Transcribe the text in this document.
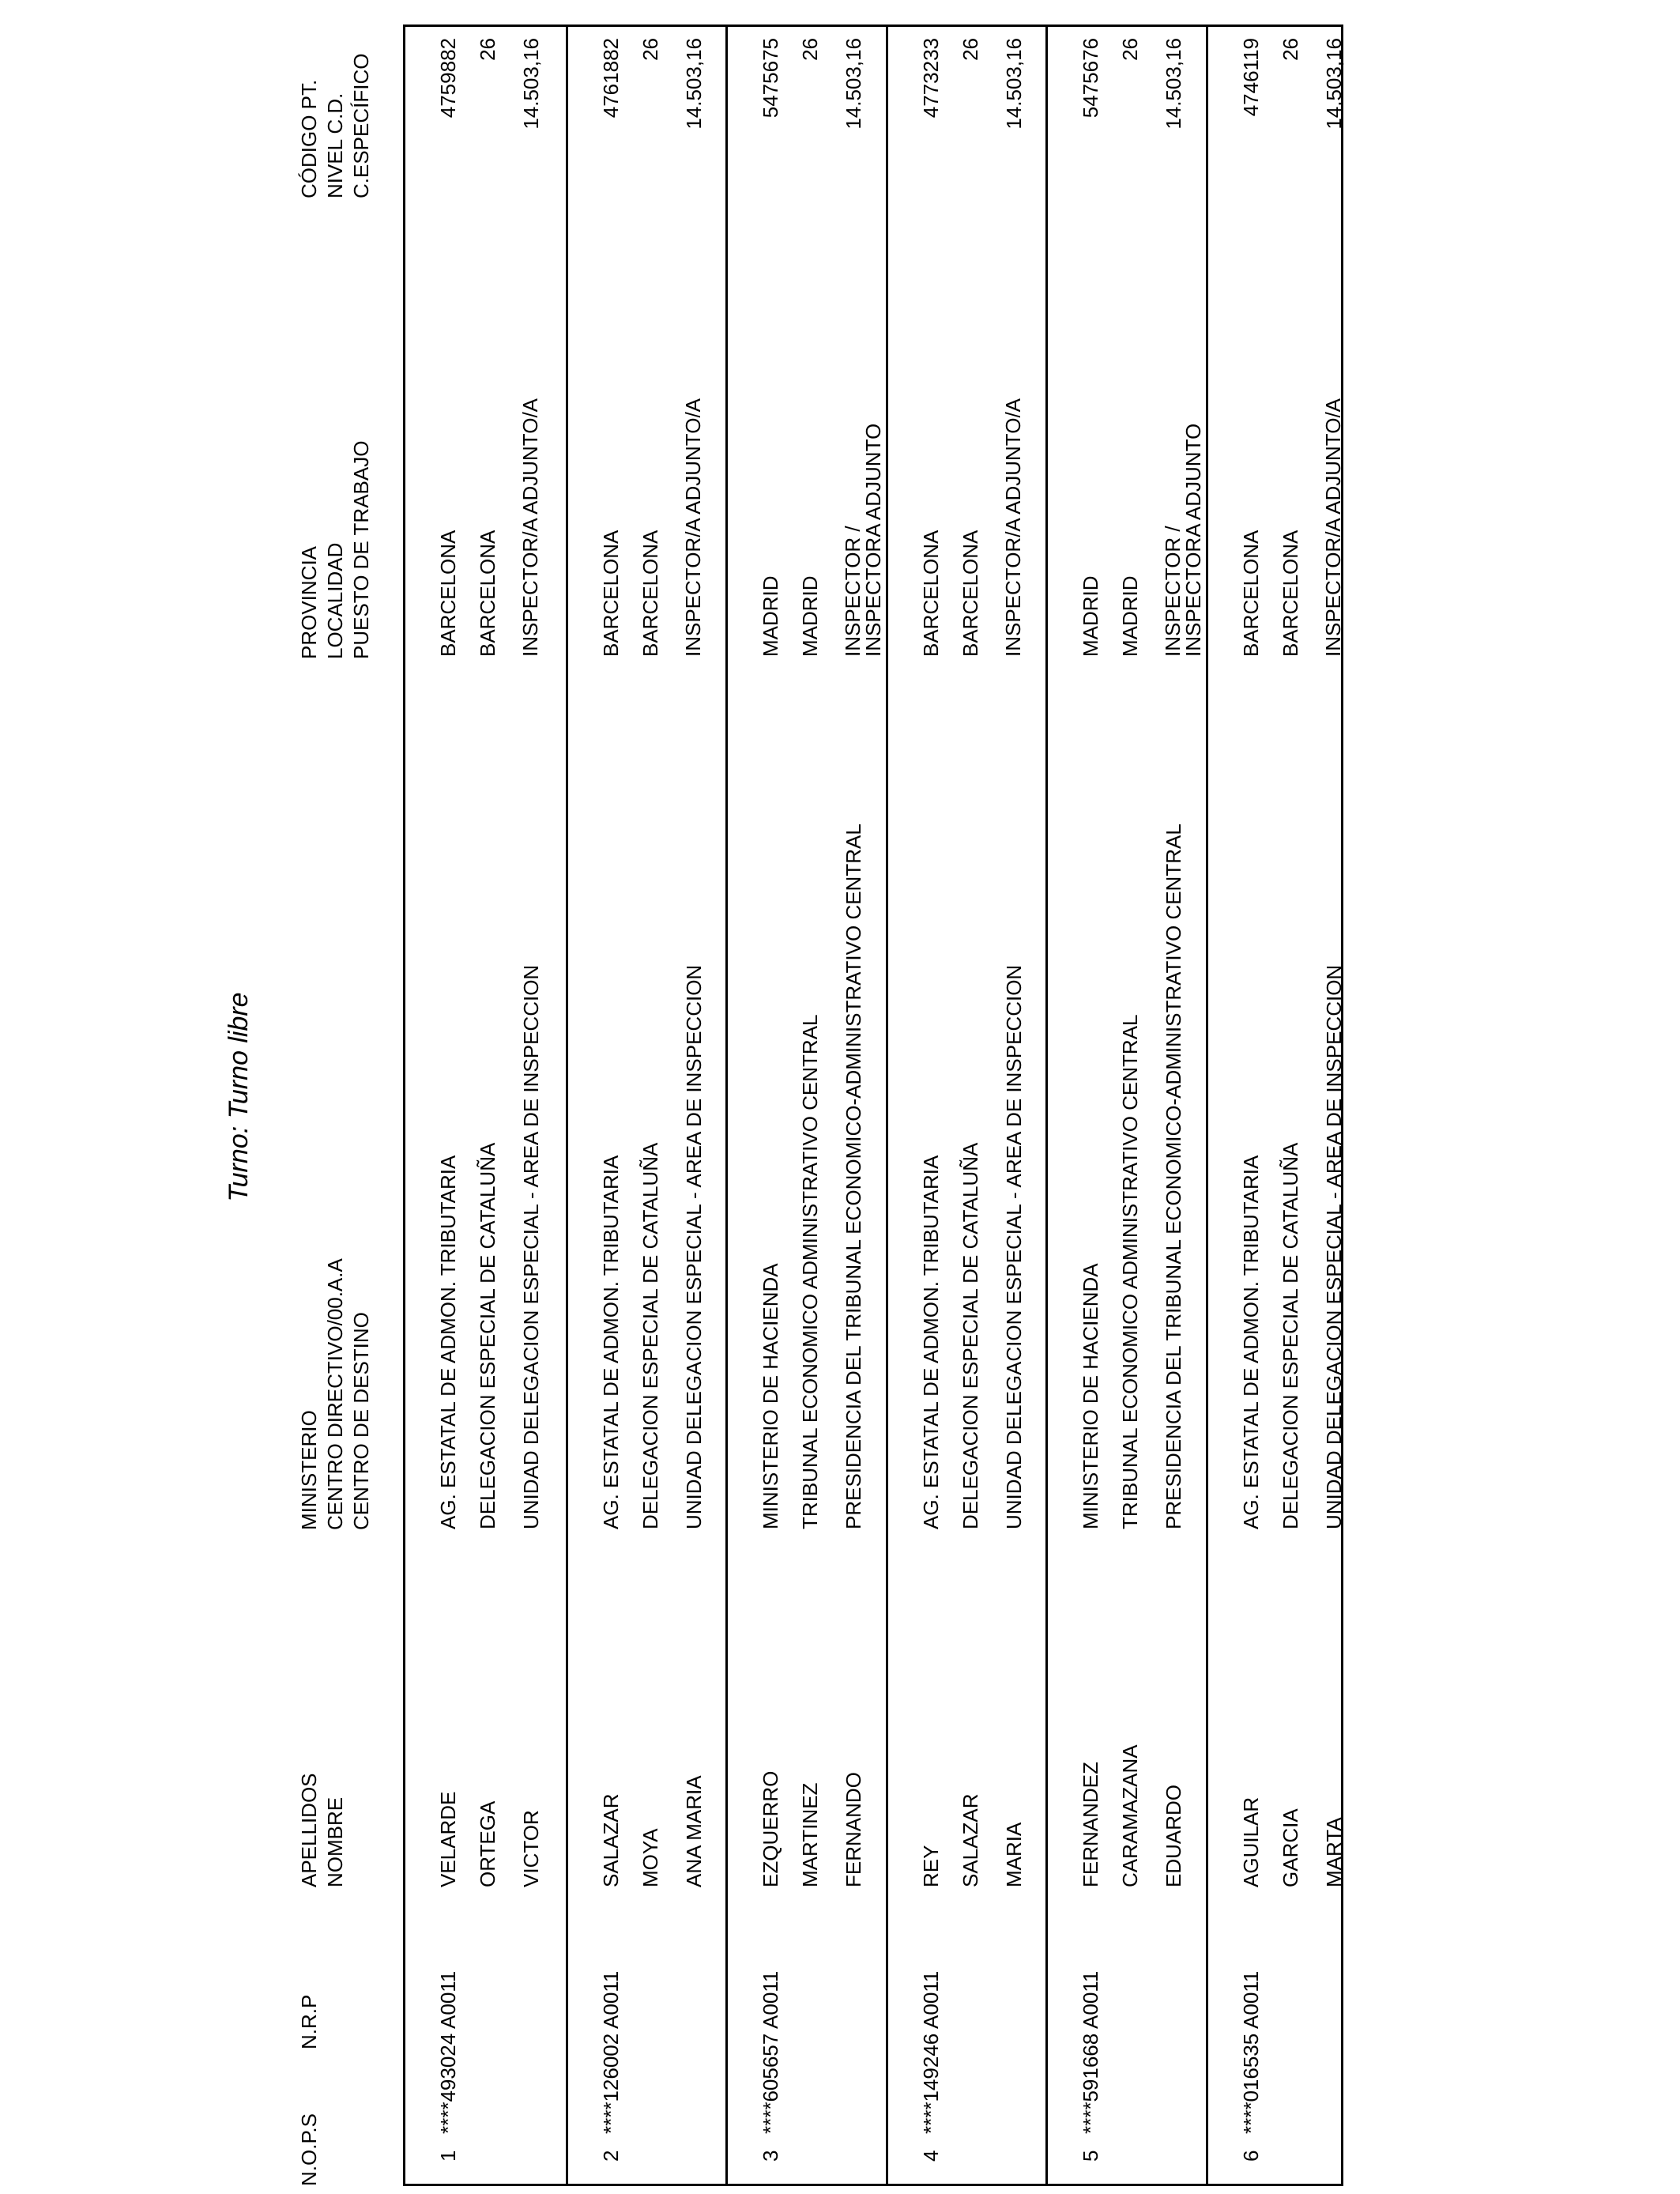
Turno: Turno libre
N.O.P.S
N.R.P
APELLIDOS NOMBRE
MINISTERIO CENTRO DIRECTIVO/00.A.A CENTRO DE DESTINO
PROVINCIA LOCALIDAD PUESTO DE TRABAJO
CÓDIGO PT. NIVEL C.D. C.ESPECÍFICO
1
****493024 A0011
VELARDE ORTEGA VICTOR
AG. ESTATAL DE ADMON. TRIBUTARIA DELEGACION ESPECIAL DE CATALUÑA UNIDAD DELEGACION ESPECIAL - AREA DE INSPECCION
BARCELONA BARCELONA INSPECTOR/A ADJUNTO/A
4759882 26 14.503,16
2
****126002 A0011
SALAZAR MOYA ANA MARIA
AG. ESTATAL DE ADMON. TRIBUTARIA DELEGACION ESPECIAL DE CATALUÑA UNIDAD DELEGACION ESPECIAL - AREA DE INSPECCION
BARCELONA BARCELONA INSPECTOR/A ADJUNTO/A
4761882 26 14.503,16
3
****605657 A0011
EZQUERRO MARTINEZ FERNANDO
MINISTERIO DE HACIENDA TRIBUNAL ECONOMICO ADMINISTRATIVO CENTRAL PRESIDENCIA DEL TRIBUNAL ECONOMICO-ADMINISTRATIVO CENTRAL
MADRID MADRID INSPECTOR / INSPECTORA ADJUNTO
5475675 26 14.503,16
4
****149246 A0011
REY SALAZAR MARIA
AG. ESTATAL DE ADMON. TRIBUTARIA DELEGACION ESPECIAL DE CATALUÑA UNIDAD DELEGACION ESPECIAL - AREA DE INSPECCION
BARCELONA BARCELONA INSPECTOR/A ADJUNTO/A
4773233 26 14.503,16
5
****591668 A0011
FERNANDEZ CARAMAZANA EDUARDO
MINISTERIO DE HACIENDA TRIBUNAL ECONOMICO ADMINISTRATIVO CENTRAL PRESIDENCIA DEL TRIBUNAL ECONOMICO-ADMINISTRATIVO CENTRAL
MADRID MADRID INSPECTOR / INSPECTORA ADJUNTO
5475676 26 14.503,16
6
****016535 A0011
AGUILAR GARCIA MARTA
AG. ESTATAL DE ADMON. TRIBUTARIA DELEGACION ESPECIAL DE CATALUÑA UNIDAD DELEGACION ESPECIAL - AREA DE INSPECCION
BARCELONA BARCELONA INSPECTOR/A ADJUNTO/A
4746119 26 14.503,16
